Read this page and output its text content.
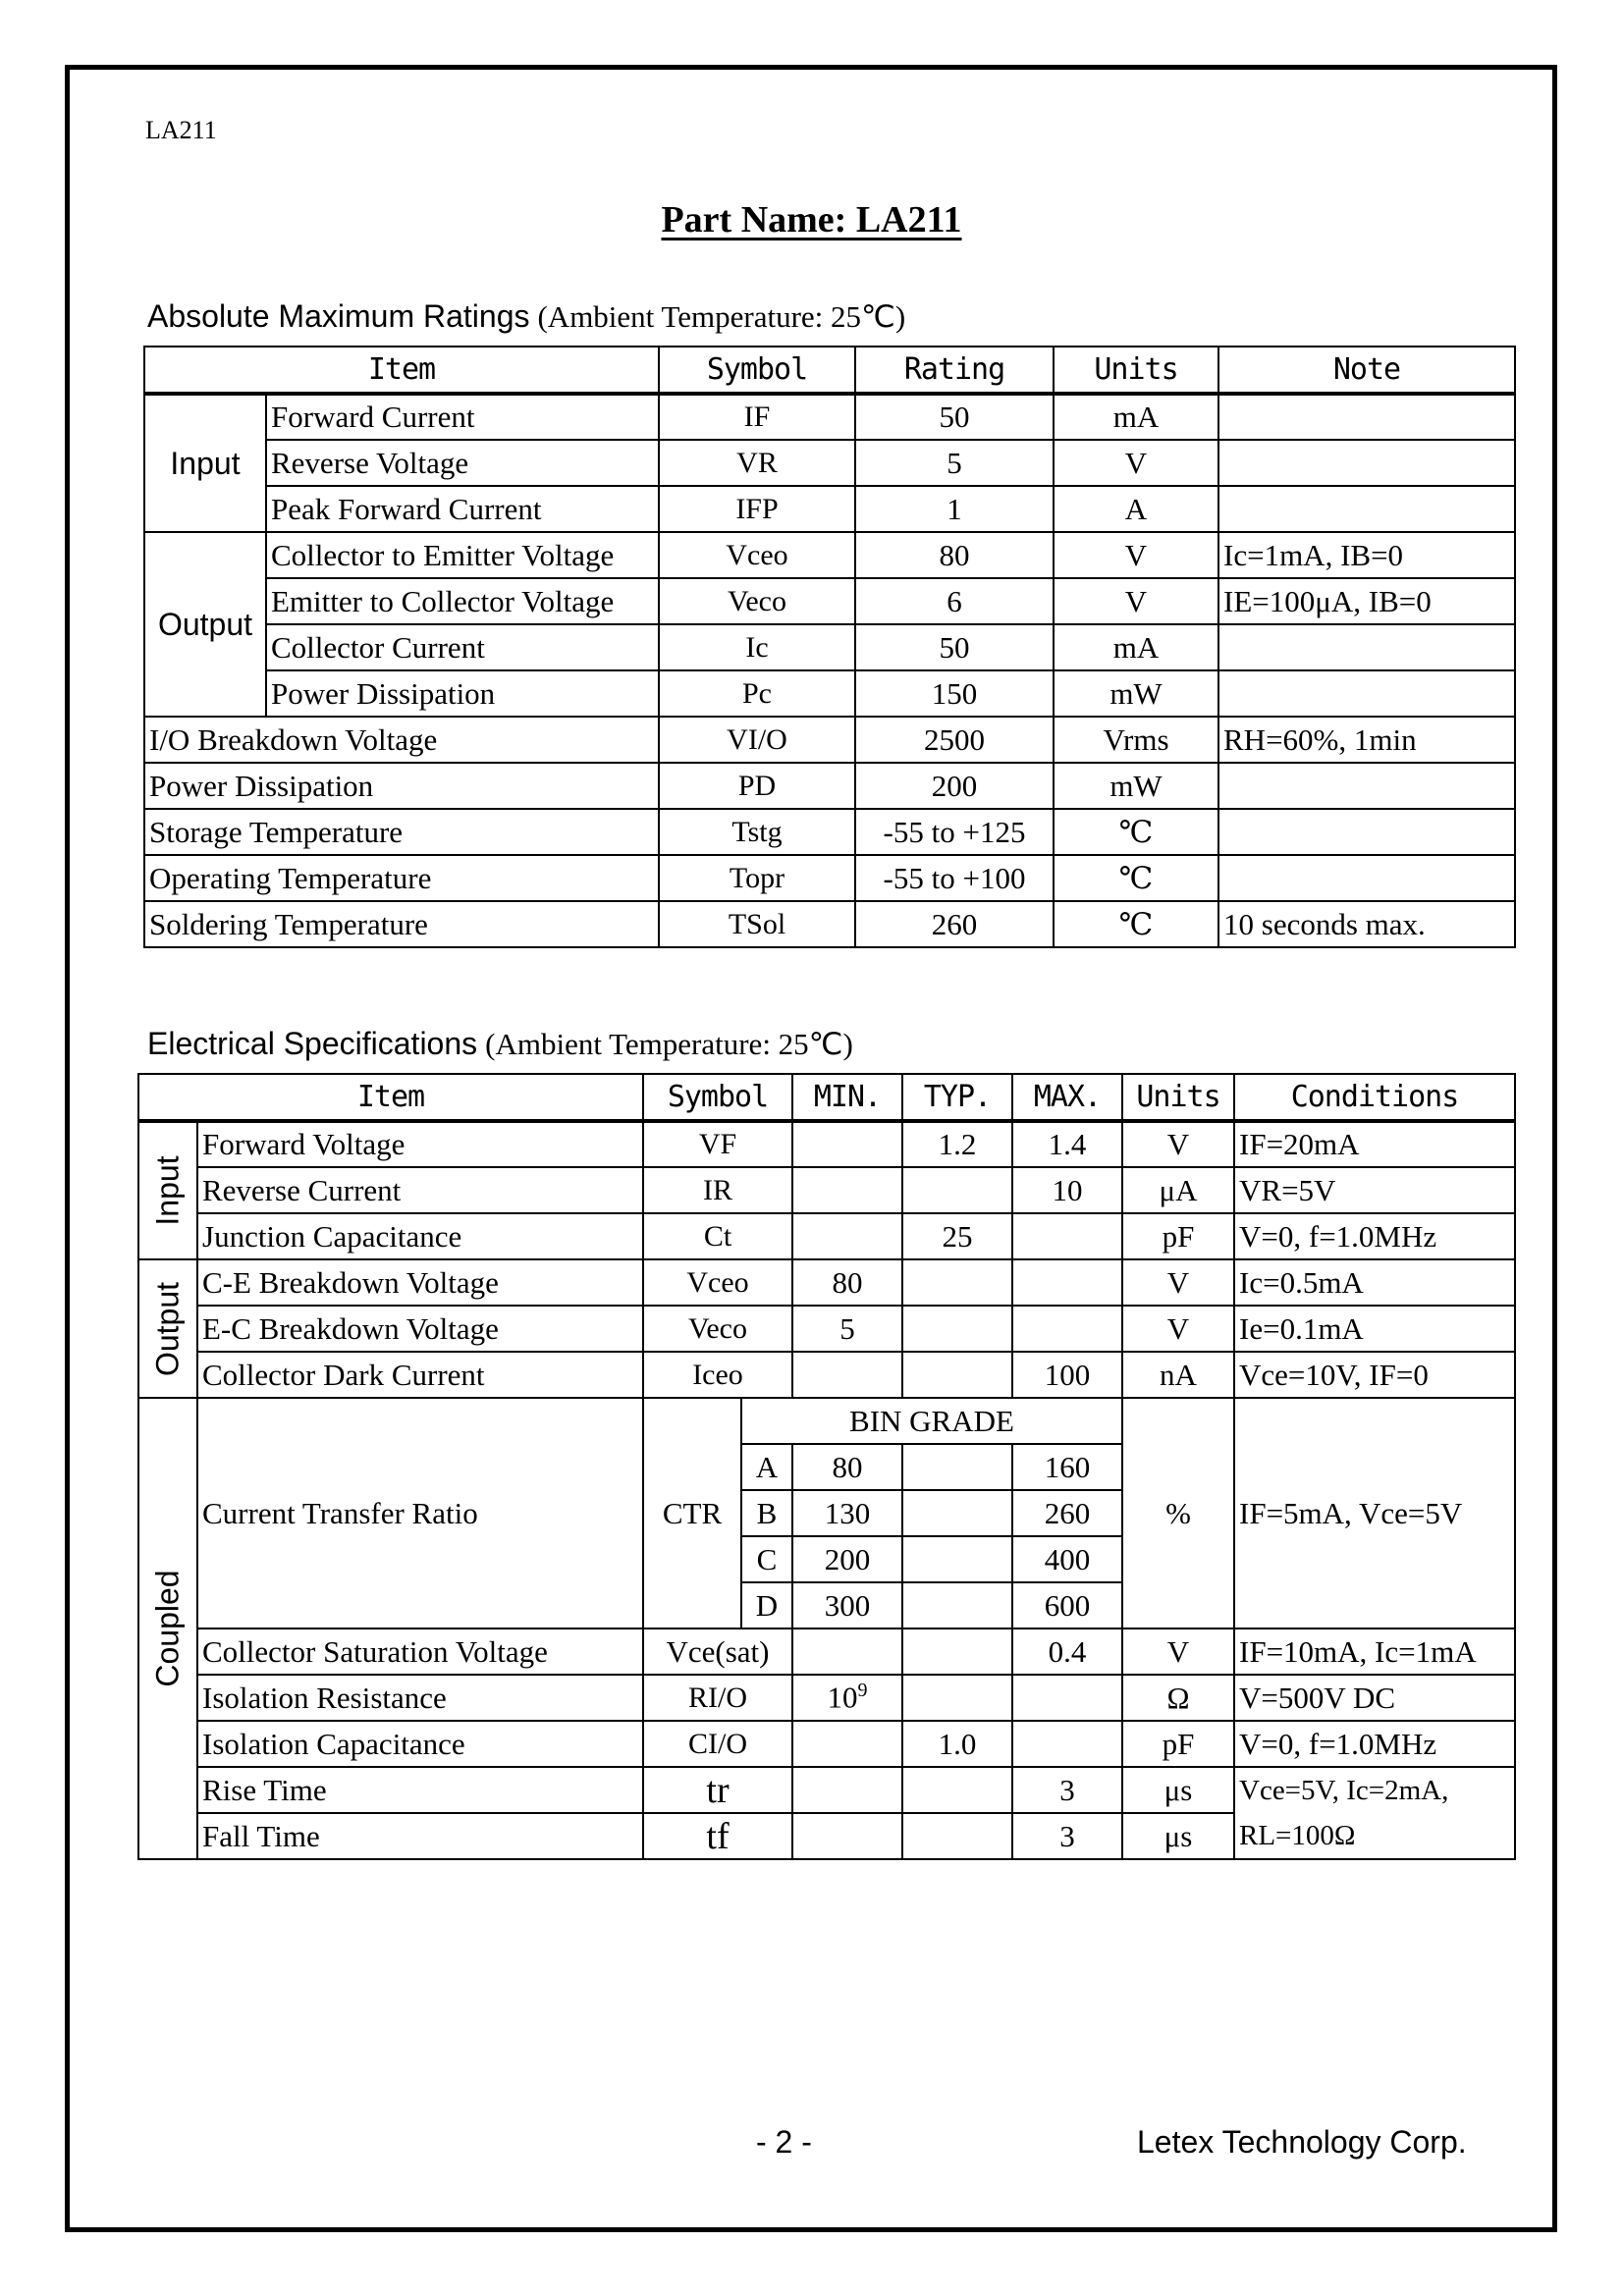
LA211
Part Name: LA211
Absolute Maximum Ratings (Ambient Temperature: 25℃)
Item		Symbol	Rating	Units	Note
Input	Forward Current	IF	50	mA	
	Reverse Voltage	VR	5	V	
	Peak Forward Current	IFP	1	A	
Output	Collector to Emitter Voltage	Vceo	80	V	Ic=1mA, IB=0
	Emitter to Collector Voltage	Veco	6	V	IE=100μA, IB=0
	Collector Current	Ic	50	mA	
	Power Dissipation	Pc	150	mW	
I/O Breakdown Voltage		VI/O	2500	Vrms	RH=60%, 1min
Power Dissipation		PD	200	mW	
Storage Temperature		Tstg	-55 to +125	℃	
Operating Temperature		Topr	-55 to +100	℃	
Soldering Temperature		TSol	260	℃	10 seconds max.
Electrical Specifications (Ambient Temperature: 25℃)
Item		Symbol		MIN.	TYP.	MAX.	Units	Conditions

Input	Forward Voltage	VF			1.2	1.4	V	IF=20mA
	Reverse Current	IR				10	μA	VR=5V
	Junction Capacitance	Ct			25		pF	V=0, f=1.0MHz

Output	C-E Breakdown Voltage	Vceo		80			V	Ic=0.5mA
	E-C Breakdown Voltage	Veco		5			V	Ie=0.1mA
	Collector Dark Current	Iceo				100	nA	Vce=10V, IF=0

Coupled	Current Transfer Ratio	CTR	BIN GRADE				%	IF=5mA, Vce=5V
			A	80		160		
			B	130		260		
			C	200		400		
			D	300		600		
	Collector Saturation Voltage	Vce(sat)				0.4	V	IF=10mA, Ic=1mA
	Isolation Resistance	RI/O		$10^9$			Ω	V=500V DC
	Isolation Capacitance	CI/O			1.0		pF	V=0, f=1.0MHz
	Rise Time	tr				3	μs	Vce=5V, Ic=2mA,
	Fall Time	tf				3	μs	RL=100Ω
- 2 -	Letex Technology Corp.
